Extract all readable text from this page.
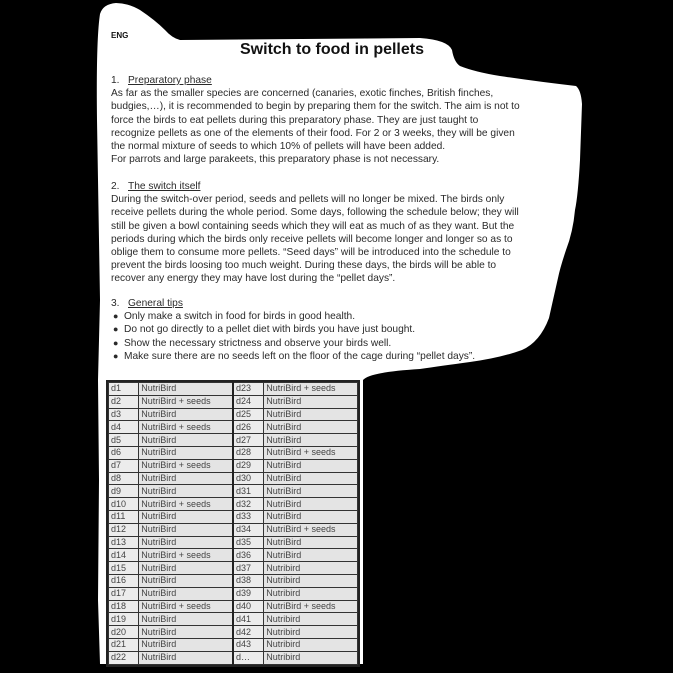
ENG
Switch to food in pellets
1. Preparatory phase

As far as the smaller species are concerned (canaries, exotic finches, British finches,

budgies,…), it is recommended to begin by preparing them for the switch. The aim is not to

force the birds to eat pellets during this preparatory phase. They are just taught to

recognize pellets as one of the elements of their food. For 2 or 3 weeks, they will be given

the normal mixture of seeds to which 10% of pellets will have been added.

For parrots and large parakeets, this preparatory phase is not necessary.

2. The switch itself

During the switch-over period, seeds and pellets will no longer be mixed. The birds only

receive pellets during the whole period. Some days, following the schedule below; they will

still be given a bowl containing seeds which they will eat as much of as they want. But the

periods during which the birds only receive pellets will become longer and longer so as to

oblige them to consume more pellets. “Seed days” will be introduced into the schedule to

prevent the birds loosing too much weight. During these days, the birds will be able to

recover any energy they may have lost during the “pellet days”.

3. General tips
● Only make a switch in food for birds in good health.
● Do not go directly to a pellet diet with birds you have just bought.
● Show the necessary strictness and observe your birds well.
● Make sure there are no seeds left on the floor of the cage during “pellet days”.
d1	NutriBird	d23	NutriBird + seeds
d2	NutriBird + seeds	d24	NutriBird
d3	NutriBird	d25	NutriBird
d4	NutriBird + seeds	d26	NutriBird
d5	NutriBird	d27	NutriBird
d6	NutriBird	d28	NutriBird + seeds
d7	NutriBird + seeds	d29	NutriBird
d8	NutriBird	d30	NutriBird
d9	NutriBird	d31	NutriBird
d10	NutriBird + seeds	d32	NutriBird
d11	NutriBird	d33	NutriBird
d12	NutriBird	d34	NutriBird + seeds
d13	NutriBird	d35	NutriBird
d14	NutriBird + seeds	d36	NutriBird
d15	NutriBird	d37	Nutribird
d16	NutriBird	d38	Nutribird
d17	NutriBird	d39	Nutribird
d18	NutriBird + seeds	d40	NutriBird + seeds
d19	NutriBird	d41	Nutribird
d20	NutriBird	d42	Nutribird
d21	NutriBird	d43	Nutribird
d22	NutriBird	d…	Nutribird
